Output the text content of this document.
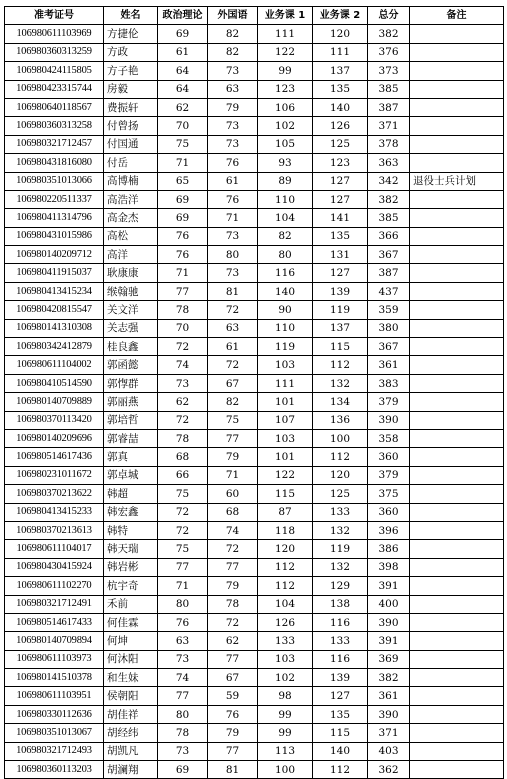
准考证号	姓名	政治理论	外国语	业务课 1	业务课 2	总分	备注
106980611103969	方捷伦	69	82	111	120	382	
106980360313259	方政	61	82	122	111	376	
106980424115805	方子艳	64	73	99	137	373	
106980423315744	房毅	64	63	123	135	385	
106980640118567	费振轩	62	79	106	140	387	
106980360313258	付曾扬	70	73	102	126	371	
106980321712457	付国通	75	73	105	125	378	
106980431816080	付岳	71	76	93	123	363	
106980351013066	高博楠	65	61	89	127	342	退役士兵计划
106980220511337	高浩洋	69	76	110	127	382	
106980411314796	高金杰	69	71	104	141	385	
106980431015986	高松	76	73	82	135	366	
106980140209712	高洋	76	80	80	131	367	
106980411915037	耿康康	71	73	116	127	387	
106980413415234	缑翰驰	77	81	140	139	437	
106980420815547	关文洋	78	72	90	119	359	
106980141310308	关志强	70	63	110	137	380	
106980342412879	桂良鑫	72	61	119	115	367	
106980611104002	郭函懿	74	72	103	112	361	
106980410514590	郭惸群	73	67	111	132	383	
106980140709889	郭丽燕	62	82	101	134	379	
106980370113420	郭培哲	72	75	107	136	390	
106980140209696	郭睿喆	78	77	103	100	358	
106980514617436	郭真	68	79	101	112	360	
106980231011672	郭卓城	66	71	122	120	379	
106980370213622	韩超	75	60	115	125	375	
106980413415233	韩宏鑫	72	68	87	133	360	
106980370213613	韩特	72	74	118	132	396	
106980611104017	韩天瑞	75	72	120	119	386	
106980430415924	韩岩彬	77	77	112	132	398	
106980611102270	杭宇奇	71	79	112	129	391	
106980321712491	禾前	80	78	104	138	400	
106980514617433	何佳霖	76	72	126	116	390	
106980140709894	何坤	63	62	133	133	391	
106980611103973	何沐阳	73	77	103	116	369	
106980141510378	和生妹	74	67	102	139	382	
106980611103951	侯朝阳	77	59	98	127	361	
106980330112636	胡佳祥	80	76	99	135	390	
106980351013067	胡经纬	78	79	99	115	371	
106980321712493	胡凯凡	73	77	113	140	403	
106980360113203	胡澜翔	69	81	100	112	362	
